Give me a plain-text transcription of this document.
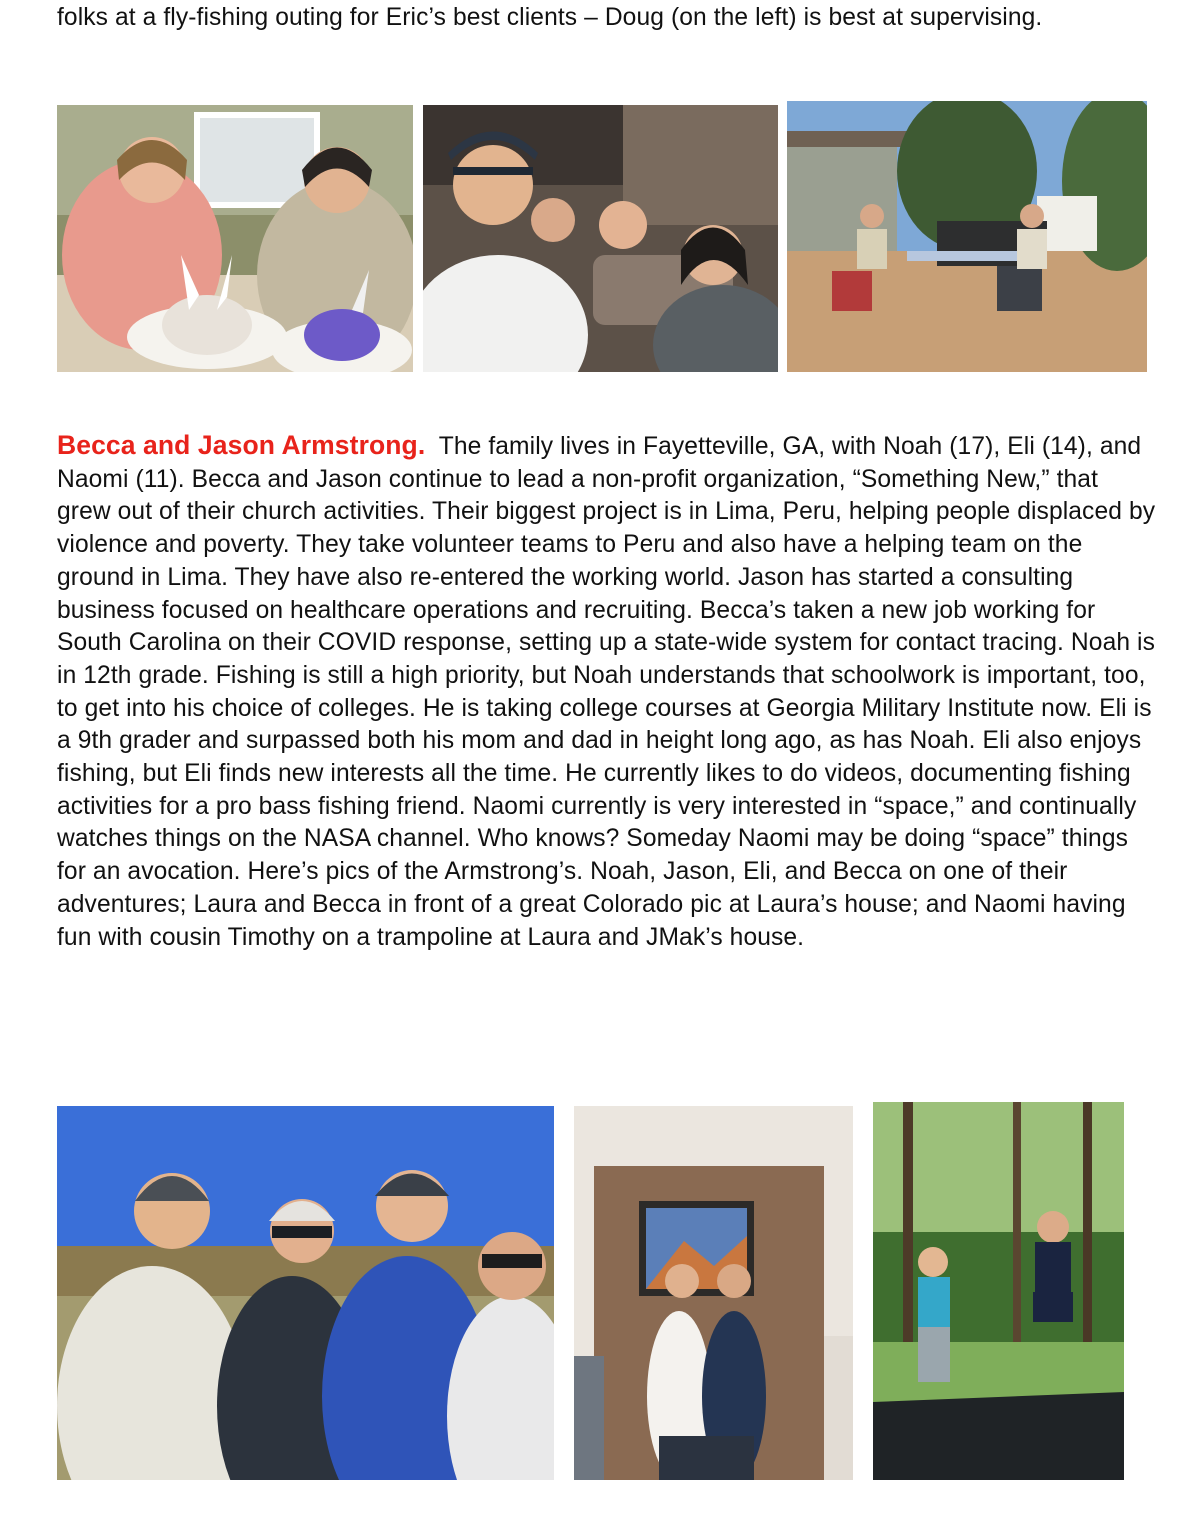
folks at a fly-fishing outing for Eric’s best clients – Doug (on the left) is best at supervising.
Becca and Jason Armstrong. The family lives in Fayetteville, GA, with Noah (17), Eli (14), and Naomi (11). Becca and Jason continue to lead a non-profit organization, “Something New,” that grew out of their church activities. Their biggest project is in Lima, Peru, helping people displaced by violence and poverty. They take volunteer teams to Peru and also have a helping team on the ground in Lima. They have also re-entered the working world. Jason has started a consulting business focused on healthcare operations and recruiting. Becca’s taken a new job working for South Carolina on their COVID response, setting up a state-wide system for contact tracing. Noah is in 12th grade. Fishing is still a high priority, but Noah understands that schoolwork is important, too, to get into his choice of colleges. He is taking college courses at Georgia Military Institute now. Eli is a 9th grader and surpassed both his mom and dad in height long ago, as has Noah. Eli also enjoys fishing, but Eli finds new interests all the time. He currently likes to do videos, documenting fishing activities for a pro bass fishing friend. Naomi currently is very interested in “space,” and continually watches things on the NASA channel. Who knows? Someday Naomi may be doing “space” things for an avocation. Here’s pics of the Armstrong’s. Noah, Jason, Eli, and Becca on one of their adventures; Laura and Becca in front of a great Colorado pic at Laura’s house; and Naomi having fun with cousin Timothy on a trampoline at Laura and JMak’s house.
